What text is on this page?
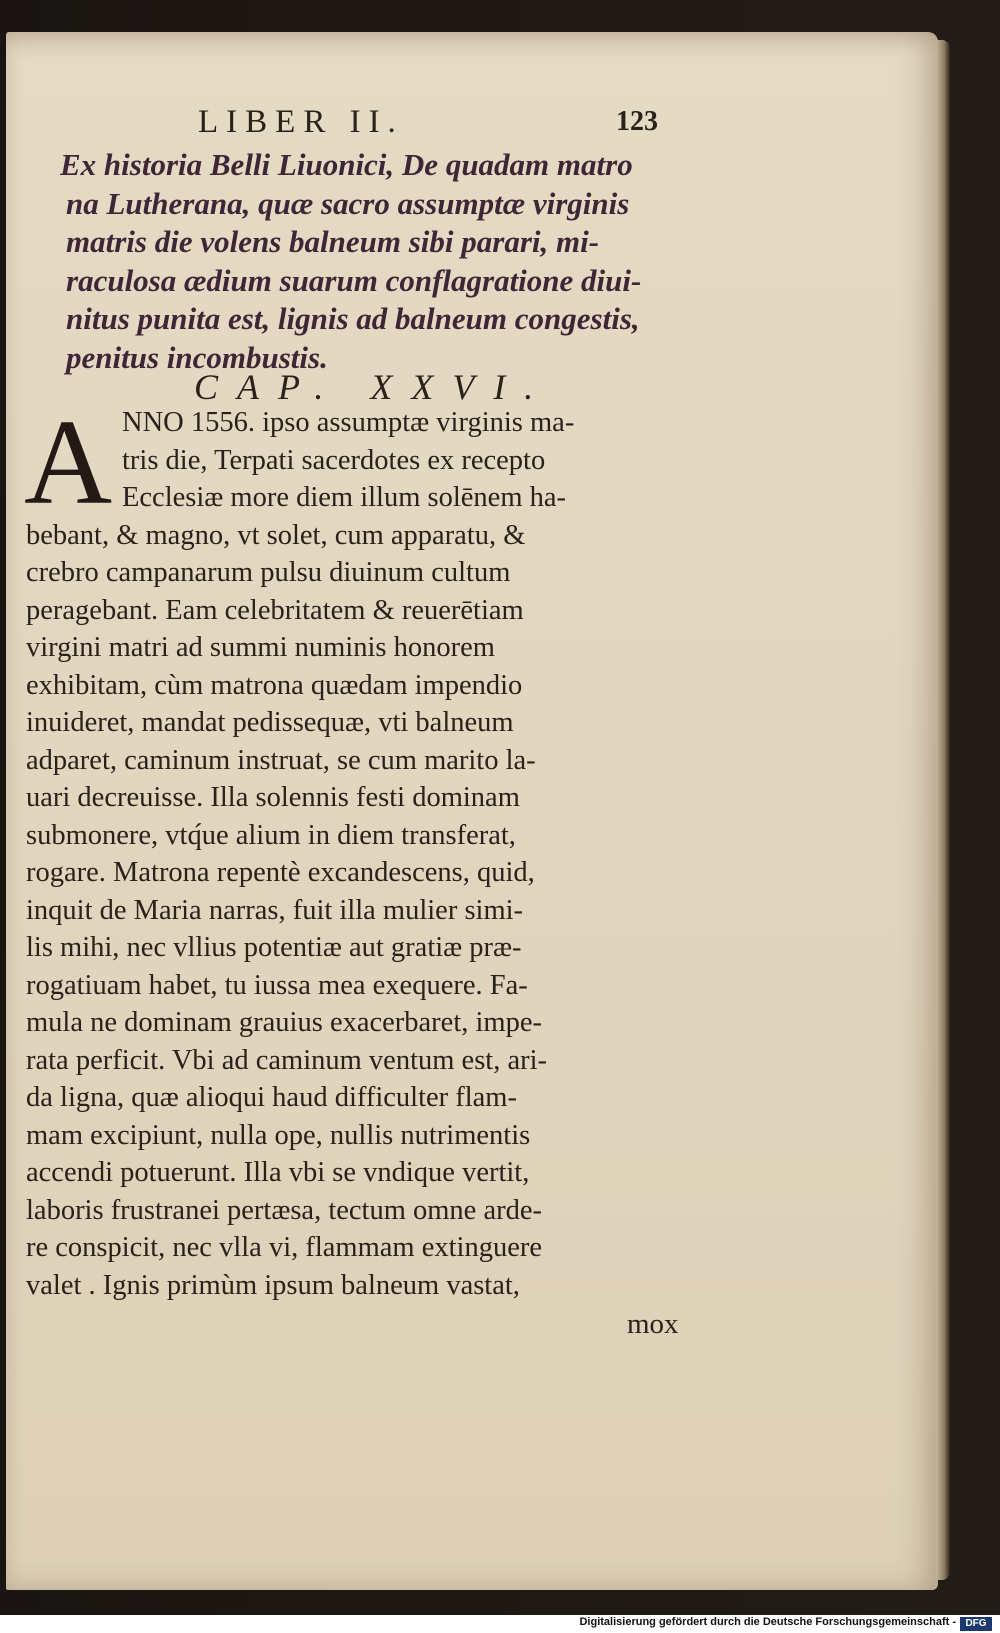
LIBER II.	123
Ex historia Belli Liuonici, De quadam matro
na Lutherana, quæ sacro assumptæ virginis
matris die volens balneum sibi parari, mi-
raculosa ædium suarum conflagratione diui-
nitus punita est, lignis ad balneum congestis,
penitus incombustis.
CAP. XXVI.
A NNO 1556. ipso assumptæ virginis ma-
tris die, Terpati sacerdotes ex recepto
Ecclesiæ more diem illum solēnem ha-
bebant, & magno, vt solet, cum apparatu, &
crebro campanarum pulsu diuinum cultum
peragebant. Eam celebritatem & reuerētiam
virgini matri ad summi numinis honorem
exhibitam, cùm matrona quædam impendio
inuideret, mandat pedissequæ, vti balneum
adparet, caminum instruat, se cum marito la-
uari decreuisse. Illa solennis festi dominam
submonere, vtq́ue alium in diem transferat,
rogare. Matrona repentè excandescens, quid,
inquit de Maria narras, fuit illa mulier simi-
lis mihi, nec vllius potentiæ aut gratiæ præ-
rogatiuam habet, tu iussa mea exequere. Fa-
mula ne dominam grauius exacerbaret, impe-
rata perficit. Vbi ad caminum ventum est, ari-
da ligna, quæ alioqui haud difficulter flam-
mam excipiunt, nulla ope, nullis nutrimentis
accendi potuerunt. Illa vbi se vndique vertit,
laboris frustranei pertæsa, tectum omne arde-
re conspicit, nec vlla vi, flammam extinguere
valet . Ignis primùm ipsum balneum vastat,
mox
Digitalisierung gefördert durch die Deutsche Forschungsgemeinschaft - DFG
